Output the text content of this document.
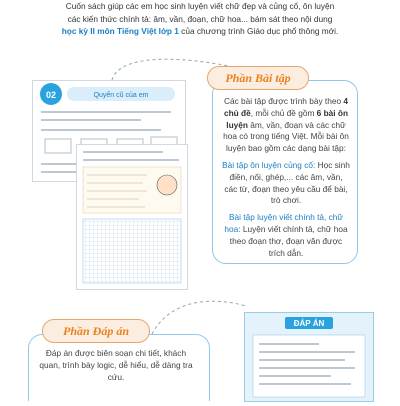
Cuốn sách giúp các em học sinh luyện viết chữ đẹp và củng cố, ôn luyện
các kiến thức chính tả: âm, vần, đoạn, chữ hoa... bám sát theo nội dung
học kỳ II môn Tiếng Việt lớp 1 của chương trình Giáo dục phổ thông mới.
02	Quyển cũ của em
ĐÁP ÁN
Phần Bài tập

Các bài tập được trình bày theo 4 chủ đề, mỗi chủ đề gồm 6 bài ôn luyện âm, vần, đoạn và các chữ hoa có trong tiếng Việt. Mỗi bài ôn luyện bao gồm các dạng bài tập:

Bài tập ôn luyện củng cố: Học sinh điền, nối, ghép,... các âm, vần, các từ, đoạn theo yêu cầu để bài, trò chơi.

Bài tập luyện viết chính tả, chữ hoa: Luyện viết chính tả, chữ hoa theo đoạn thơ, đoạn văn được trích dẫn.

Phần Đáp án
Đáp án được biên soạn chi tiết, khách quan, trình bày logic, dễ hiểu, dễ dàng tra cứu.
